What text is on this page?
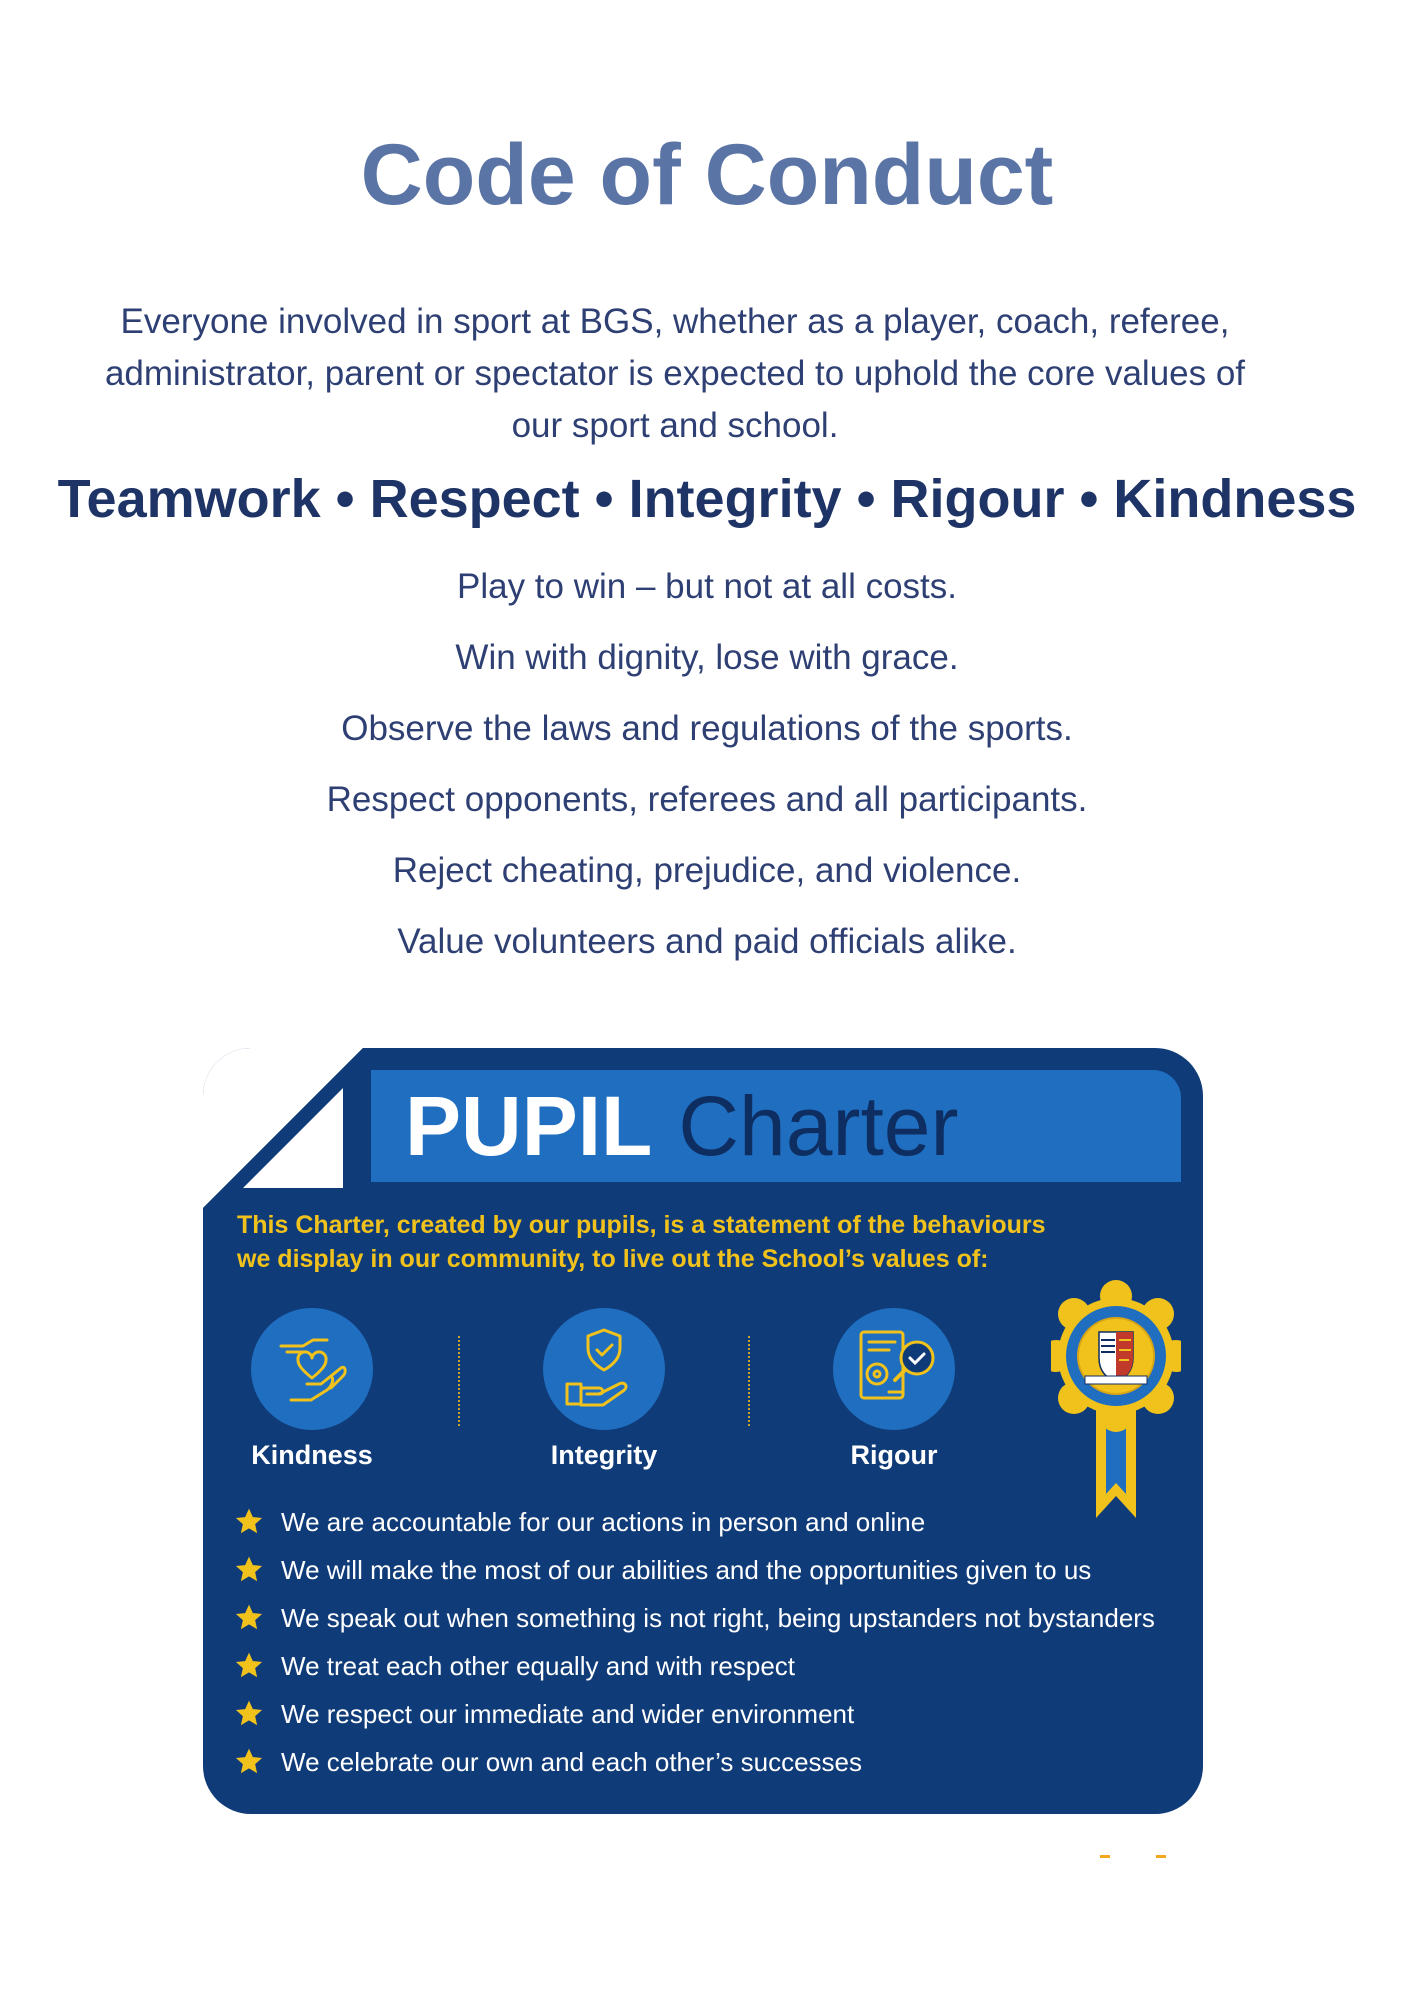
Code of Conduct
Everyone involved in sport at BGS, whether as a player, coach, referee, administrator, parent or spectator is expected to uphold the core values of our sport and school.
Teamwork • Respect • Integrity • Rigour • Kindness
Play to win – but not at all costs.
Win with dignity, lose with grace.
Observe the laws and regulations of the sports.
Respect opponents, referees and all participants.
Reject cheating, prejudice, and violence.
Value volunteers and paid officials alike.
PUPIL Charter
This Charter, created by our pupils, is a statement of the behaviours
we display in our community, to live out the School’s values of:
Kindness	Integrity	Rigour
We are accountable for our actions in person and online
We will make the most of our abilities and the opportunities given to us
We speak out when something is not right, being upstanders not bystanders
We treat each other equally and with respect
We respect our immediate and wider environment
We celebrate our own and each other’s successes
